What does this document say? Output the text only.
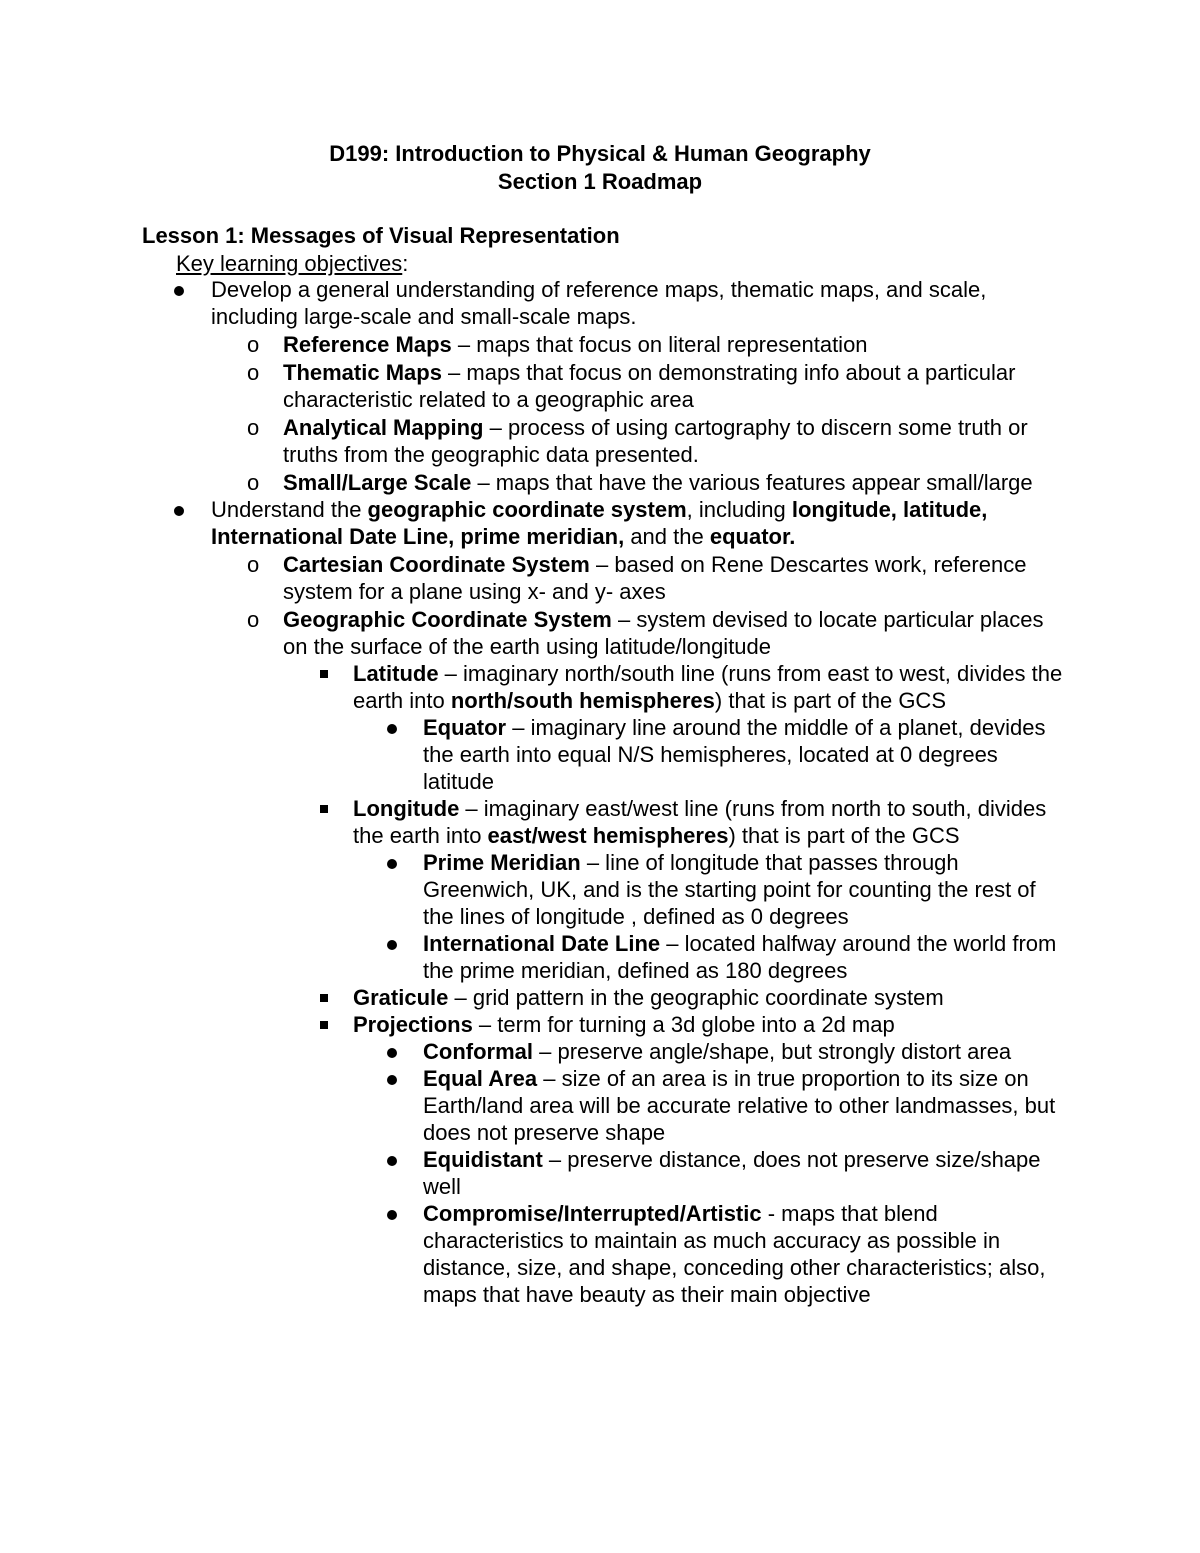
D199: Introduction to Physical & Human Geography
Section 1 Roadmap
Lesson 1: Messages of Visual Representation
Key learning objectives:
Develop a general understanding of reference maps, thematic maps, and scale, including large-scale and small-scale maps.
o Reference Maps – maps that focus on literal representation
o Thematic Maps – maps that focus on demonstrating info about a particular characteristic related to a geographic area
o Analytical Mapping – process of using cartography to discern some truth or truths from the geographic data presented.
o Small/Large Scale – maps that have the various features appear small/large
Understand the geographic coordinate system, including longitude, latitude, International Date Line, prime meridian, and the equator.
o Cartesian Coordinate System – based on Rene Descartes work, reference system for a plane using x- and y- axes
o Geographic Coordinate System – system devised to locate particular places on the surface of the earth using latitude/longitude
Latitude – imaginary north/south line (runs from east to west, divides the earth into north/south hemispheres) that is part of the GCS
Equator – imaginary line around the middle of a planet, devides the earth into equal N/S hemispheres, located at 0 degrees latitude
Longitude – imaginary east/west line (runs from north to south, divides the earth into east/west hemispheres) that is part of the GCS
Prime Meridian – line of longitude that passes through Greenwich, UK, and is the starting point for counting the rest of the lines of longitude , defined as 0 degrees
International Date Line – located halfway around the world from the prime meridian, defined as 180 degrees
Graticule – grid pattern in the geographic coordinate system
Projections – term for turning a 3d globe into a 2d map
Conformal – preserve angle/shape, but strongly distort area
Equal Area – size of an area is in true proportion to its size on Earth/land area will be accurate relative to other landmasses, but does not preserve shape
Equidistant – preserve distance, does not preserve size/shape well
Compromise/Interrupted/Artistic - maps that blend characteristics to maintain as much accuracy as possible in distance, size, and shape, conceding other characteristics; also, maps that have beauty as their main objective
